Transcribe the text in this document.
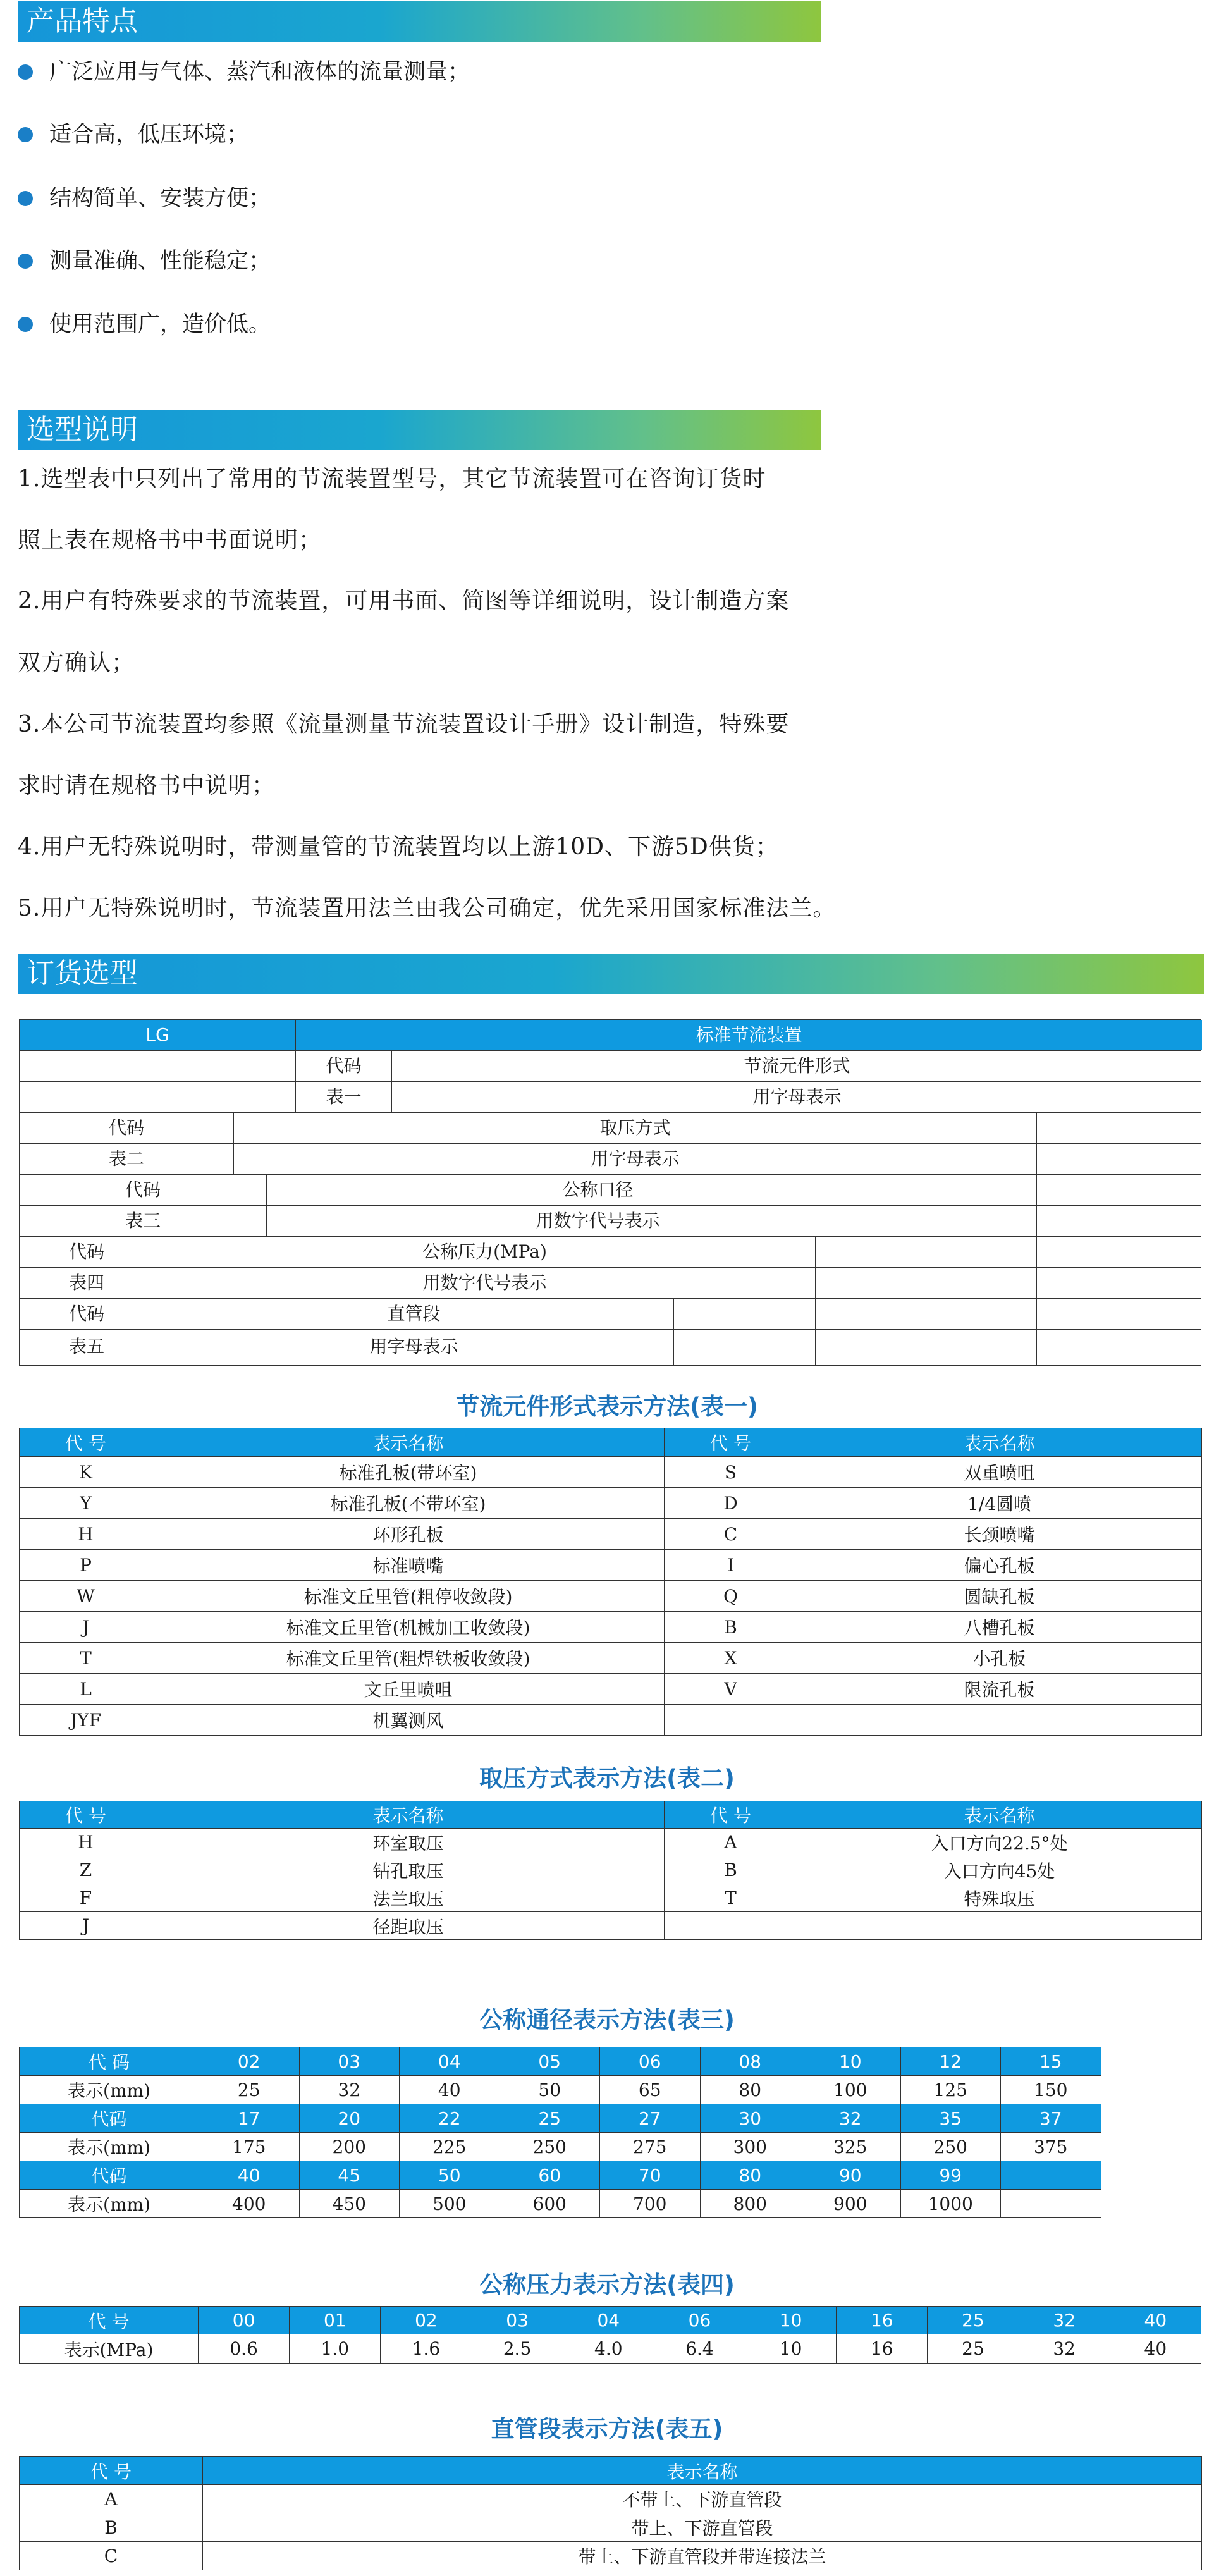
产品特点
广泛应用与气体、蒸汽和液体的流量测量；
适合高，低压环境；
结构简单、安装方便；
测量准确、性能稳定；
使用范围广，造价低。
选型说明
1.选型表中只列出了常用的节流装置型号，其它节流装置可在咨询订货时
照上表在规格书中书面说明；
2.用户有特殊要求的节流装置，可用书面、简图等详细说明，设计制造方案
双方确认；
3.本公司节流装置均参照《流量测量节流装置设计手册》设计制造，特殊要
求时请在规格书中说明；
4.用户无特殊说明时，带测量管的节流装置均以上游10D、下游5D供货；
5.用户无特殊说明时，节流装置用法兰由我公司确定，优先采用国家标准法兰。
订货选型
LG	标准节流装置
代码	节流元件形式
表一	用字母表示
代码	取压方式
表二	用字母表示
代码	公称口径
表三	用数字代号表示
代码	公称压力(MPa)
表四	用数字代号表示
代码	直管段
表五	用字母表示
节流元件形式表示方法(表一)
代 号	表示名称	代 号	表示名称
K	标准孔板(带环室)	S	双重喷咀
Y	标准孔板(不带环室)	D	1/4圆喷
H	环形孔板	C	长颈喷嘴
P	标准喷嘴	I	偏心孔板
W	标准文丘里管(粗停收敛段)	Q	圆缺孔板
J	标准文丘里管(机械加工收敛段)	B	八槽孔板
T	标准文丘里管(粗焊铁板收敛段)	X	小孔板
L	文丘里喷咀	V	限流孔板
JYF	机翼测风		
取压方式表示方法(表二)
代 号	表示名称	代 号	表示名称
H	环室取压	A	入口方向22.5°处
Z	钻孔取压	B	入口方向45处
F	法兰取压	T	特殊取压
J	径距取压		
公称通径表示方法(表三)
代 码	02	03	04	05	06	08	10	12	15
表示(mm)	25	32	40	50	65	80	100	125	150
代码	17	20	22	25	27	30	32	35	37
表示(mm)	175	200	225	250	275	300	325	250	375
代码	40	45	50	60	70	80	90	99	
表示(mm)	400	450	500	600	700	800	900	1000	
公称压力表示方法(表四)
代 号	00	01	02	03	04	06	10	16	25	32	40
表示(MPa)	0.6	1.0	1.6	2.5	4.0	6.4	10	16	25	32	40
直管段表示方法(表五)
代 号	表示名称
A	不带上、下游直管段
B	带上、下游直管段
C	带上、下游直管段并带连接法兰
